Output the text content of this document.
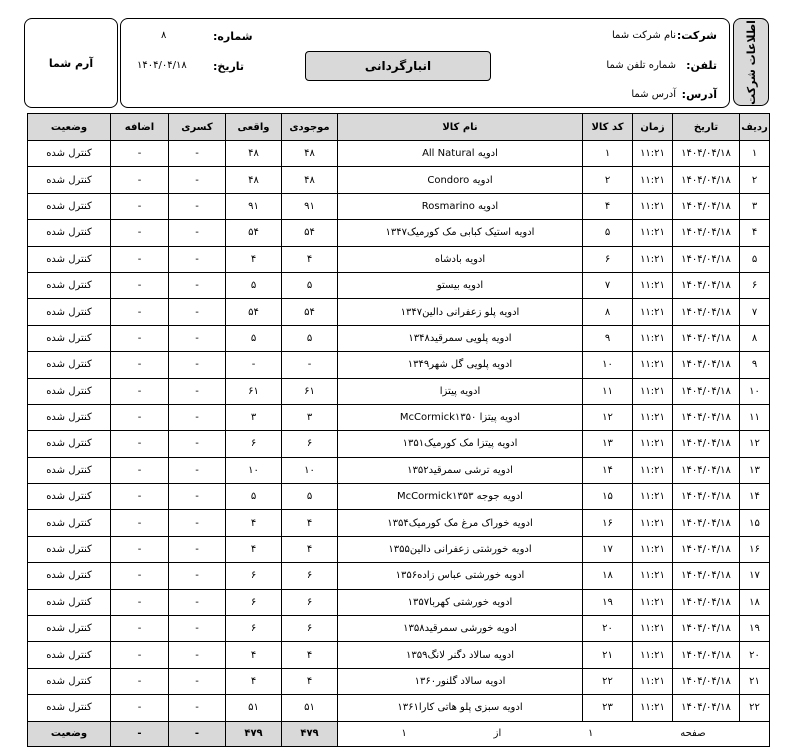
اطلاعات شرکت
شرکت:
نام شرکت شما
تلفن:
شماره تلفن شما
آدرس:
آدرس شما
انبارگردانی
شماره:
۸
تاریخ:
۱۴۰۴/۰۴/۱۸
آرم شما
ردیف	تاریخ	زمان	کد کالا	نام کالا	موجودی	واقعی	کسری	اضافه	وضعیت
۱	۱۴۰۴/۰۴/۱۸	۱۱:۲۱	۱	ادویه All Natural	۴۸	۴۸	-	-	کنترل شده
۲	۱۴۰۴/۰۴/۱۸	۱۱:۲۱	۲	ادویه Condoro	۴۸	۴۸	-	-	کنترل شده
۳	۱۴۰۴/۰۴/۱۸	۱۱:۲۱	۴	ادویه Rosmarino	۹۱	۹۱	-	-	کنترل شده
۴	۱۴۰۴/۰۴/۱۸	۱۱:۲۱	۵	ادویه استیک کبابی مک کورمیک۱۳۴۷	۵۴	۵۴	-	-	کنترل شده
۵	۱۴۰۴/۰۴/۱۸	۱۱:۲۱	۶	ادویه بادشاه	۴	۴	-	-	کنترل شده
۶	۱۴۰۴/۰۴/۱۸	۱۱:۲۱	۷	ادویه بیستو	۵	۵	-	-	کنترل شده
۷	۱۴۰۴/۰۴/۱۸	۱۱:۲۱	۸	ادویه پلو زعفرانی دالین۱۳۴۷	۵۴	۵۴	-	-	کنترل شده
۸	۱۴۰۴/۰۴/۱۸	۱۱:۲۱	۹	ادویه پلویی سمرقید۱۳۴۸	۵	۵	-	-	کنترل شده
۹	۱۴۰۴/۰۴/۱۸	۱۱:۲۱	۱۰	ادویه پلویی گل شهر۱۳۴۹	-	-	-	-	کنترل شده
۱۰	۱۴۰۴/۰۴/۱۸	۱۱:۲۱	۱۱	ادویه پیتزا	۶۱	۶۱	-	-	کنترل شده
۱۱	۱۴۰۴/۰۴/۱۸	۱۱:۲۱	۱۲	ادویه پیتزا McCormick۱۳۵۰	۳	۳	-	-	کنترل شده
۱۲	۱۴۰۴/۰۴/۱۸	۱۱:۲۱	۱۳	ادویه پیتزا مک کورمیک۱۳۵۱	۶	۶	-	-	کنترل شده
۱۳	۱۴۰۴/۰۴/۱۸	۱۱:۲۱	۱۴	ادویه ترشی سمرقید۱۳۵۲	۱۰	۱۰	-	-	کنترل شده
۱۴	۱۴۰۴/۰۴/۱۸	۱۱:۲۱	۱۵	ادویه جوجه McCormick۱۳۵۳	۵	۵	-	-	کنترل شده
۱۵	۱۴۰۴/۰۴/۱۸	۱۱:۲۱	۱۶	ادویه خوراک مرغ مک کورمیک۱۳۵۴	۴	۴	-	-	کنترل شده
۱۶	۱۴۰۴/۰۴/۱۸	۱۱:۲۱	۱۷	ادویه خورشتی زعفرانی دالین۱۳۵۵	۴	۴	-	-	کنترل شده
۱۷	۱۴۰۴/۰۴/۱۸	۱۱:۲۱	۱۸	ادویه خورشتی عباس زاده۱۳۵۶	۶	۶	-	-	کنترل شده
۱۸	۱۴۰۴/۰۴/۱۸	۱۱:۲۱	۱۹	ادویه خورشتی کهربا۱۳۵۷	۶	۶	-	-	کنترل شده
۱۹	۱۴۰۴/۰۴/۱۸	۱۱:۲۱	۲۰	ادویه خورشی سمرقید۱۳۵۸	۶	۶	-	-	کنترل شده
۲۰	۱۴۰۴/۰۴/۱۸	۱۱:۲۱	۲۱	ادویه سالاد دگنر لانگ۱۳۵۹	۴	۴	-	-	کنترل شده
۲۱	۱۴۰۴/۰۴/۱۸	۱۱:۲۱	۲۲	ادویه سالاد گلنور۱۳۶۰	۴	۴	-	-	کنترل شده
۲۲	۱۴۰۴/۰۴/۱۸	۱۱:۲۱	۲۳	ادویه سبزی پلو هاتی کارا۱۳۶۱	۵۱	۵۱	-	-	کنترل شده

صفحه
۱
از
۱					۴۷۹	۴۷۹	-	-	وضعیت
